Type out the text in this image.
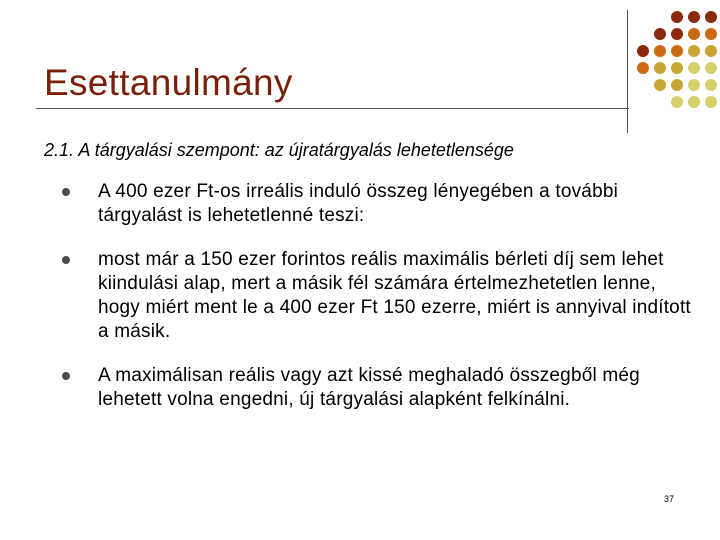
Esettanulmány
2.1. A tárgyalási szempont: az újratárgyalás lehetetlensége
A 400 ezer Ft-os irreális induló összeg lényegében a további tárgyalást is lehetetlenné teszi:
most már a 150 ezer forintos reális maximális bérleti díj sem lehet kiindulási alap, mert a másik fél számára értelmezhetetlen lenne, hogy miért ment le a 400 ezer Ft 150 ezerre, miért is annyival indított a másik.
A maximálisan reális vagy azt kissé meghaladó összegből még lehetett volna engedni, új tárgyalási alapként felkínálni.
37
